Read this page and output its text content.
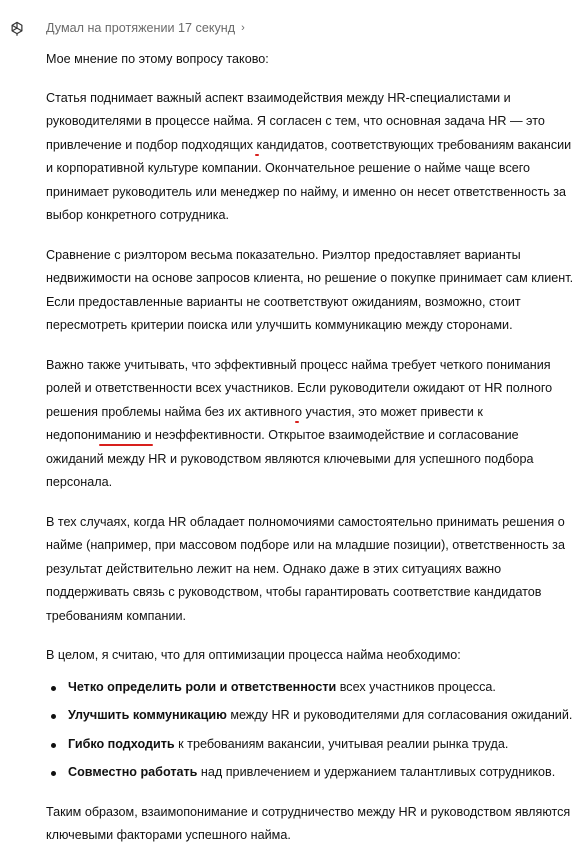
Думал на протяжении 17 секунд ›

Мое мнение по этому вопросу таково:

Статья поднимает важный аспект взаимодействия между HR-специалистами и руководителями в процессе найма. Я согласен с тем, что основная задача HR — это привлечение и подбор подходящих кандидатов, соответствующих требованиям вакансии и корпоративной культуре компании. Окончательное решение о найме чаще всего принимает руководитель или менеджер по найму, и именно он несет ответственность за выбор конкретного сотрудника.

Сравнение с риэлтором весьма показательно. Риэлтор предоставляет варианты недвижимости на основе запросов клиента, но решение о покупке принимает сам клиент. Если предоставленные варианты не соответствуют ожиданиям, возможно, стоит пересмотреть критерии поиска или улучшить коммуникацию между сторонами.

Важно также учитывать, что эффективный процесс найма требует четкого понимания ролей и ответственности всех участников. Если руководители ожидают от HR полного решения проблемы найма без их активного участия, это может привести к недопониманию и неэффективности. Открытое взаимодействие и согласование ожиданий между HR и руководством являются ключевыми для успешного подбора персонала.

В тех случаях, когда HR обладает полномочиями самостоятельно принимать решения о найме (например, при массовом подборе или на младшие позиции), ответственность за результат действительно лежит на нем. Однако даже в этих ситуациях важно поддерживать связь с руководством, чтобы гарантировать соответствие кандидатов требованиям компании.

В целом, я считаю, что для оптимизации процесса найма необходимо:

Четко определить роли и ответственности всех участников процесса.
Улучшить коммуникацию между HR и руководителями для согласования ожиданий.
Гибко подходить к требованиям вакансии, учитывая реалии рынка труда.
Совместно работать над привлечением и удержанием талантливых сотрудников.

Таким образом, взаимопонимание и сотрудничество между HR и руководством являются ключевыми факторами успешного найма.
